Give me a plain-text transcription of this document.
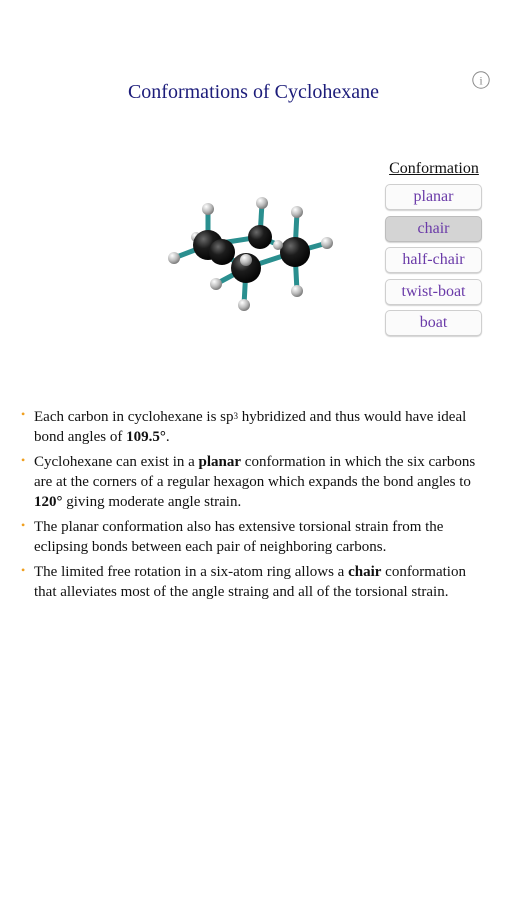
i
Conformations of Cyclohexane
Conformation
planar
chair
half-chair
twist-boat
boat
• Each carbon in cyclohexane is $sp^3$ hybridized and thus would have ideal bond angles of 109.5°.
• Cyclohexane can exist in a planar conformation in which the six carbons are at the corners of a regular hexagon which expands the bond angles to 120° giving moderate angle strain.
• The planar conformation also has extensive torsional strain from the eclipsing bonds between each pair of neighboring carbons.
• The limited free rotation in a six-atom ring allows a chair conformation that alleviates most of the angle straing and all of the torsional strain.
